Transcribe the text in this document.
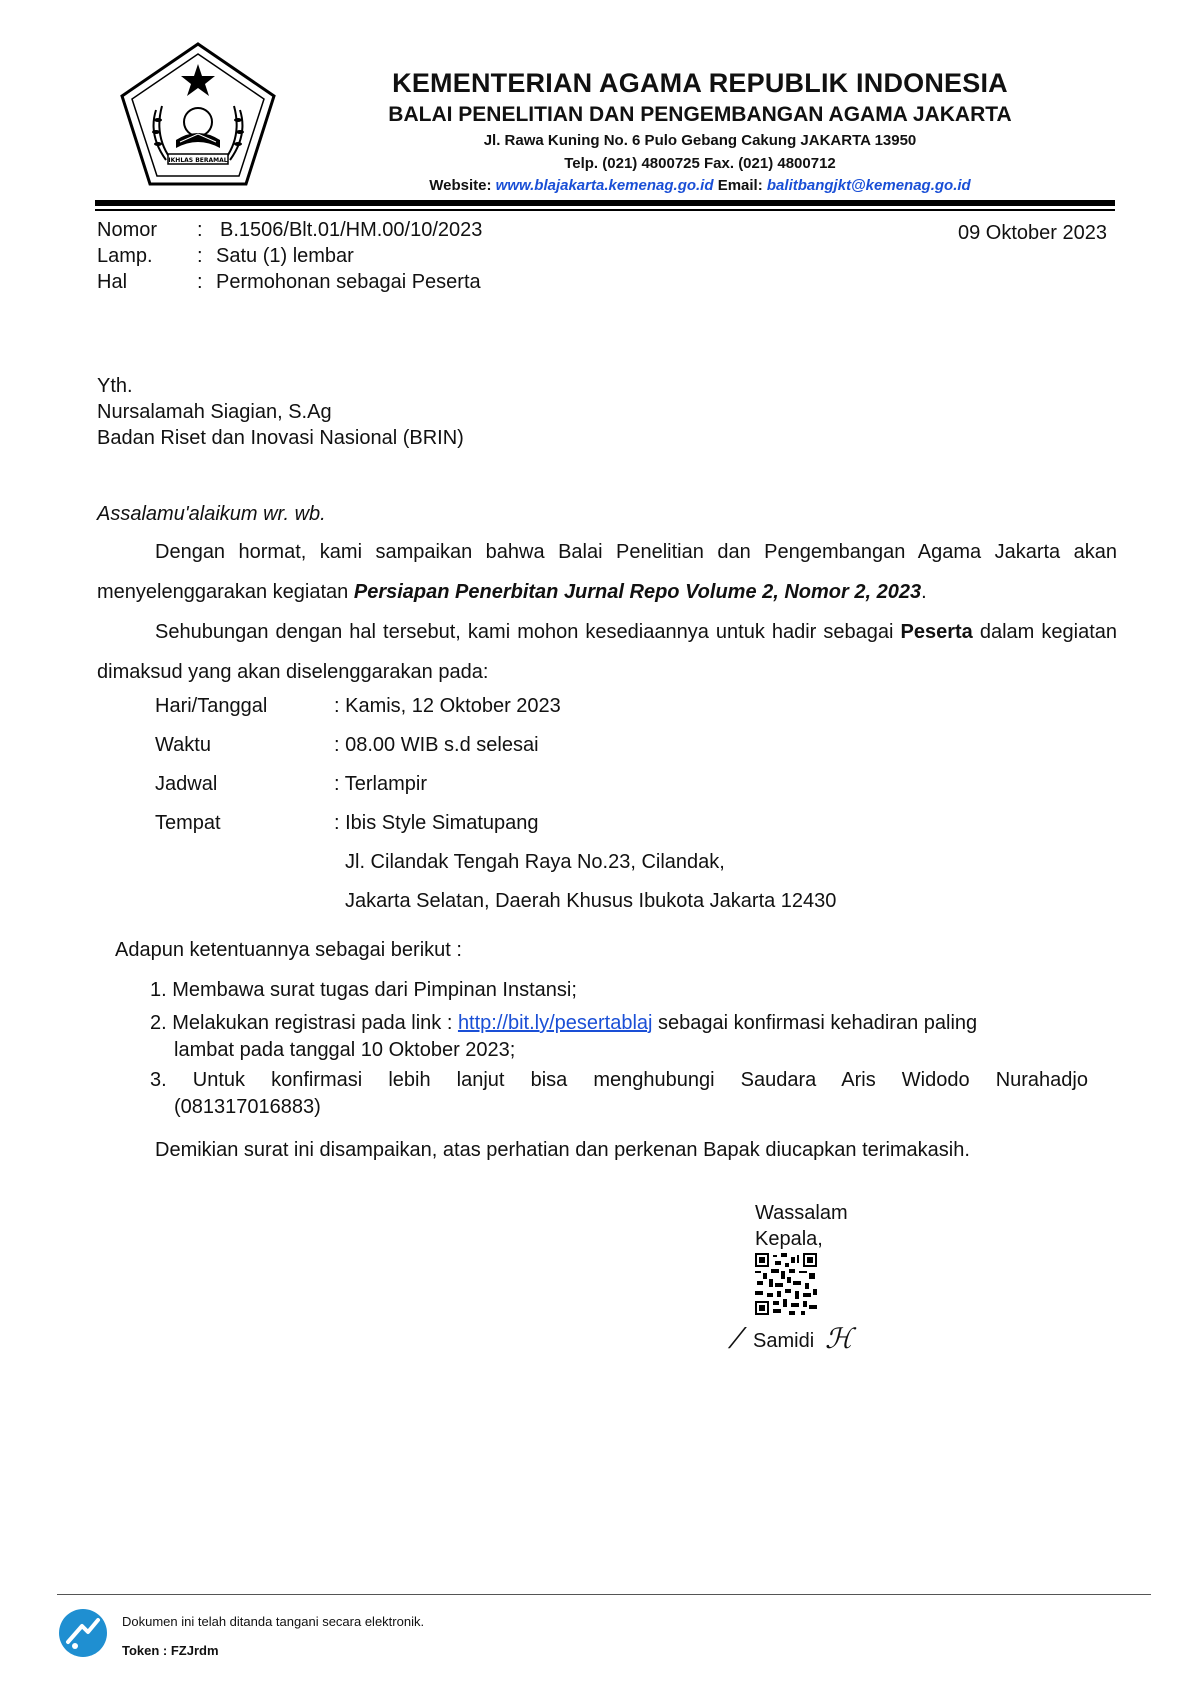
IKHLAS BERAMAL
KEMENTERIAN AGAMA REPUBLIK INDONESIA
BALAI PENELITIAN DAN PENGEMBANGAN AGAMA JAKARTA
Jl. Rawa Kuning No. 6 Pulo Gebang Cakung JAKARTA 13950
Telp. (021) 4800725 Fax. (021) 4800712
Website: www.blajakarta.kemenag.go.id Email: balitbangjkt@kemenag.go.id
Nomor : B.1506/Blt.01/HM.00/10/2023	09 Oktober 2023
Lamp. : Satu (1) lembar
Hal	: Permohonan sebagai Peserta
Yth.
Nursalamah Siagian, S.Ag
Badan Riset dan Inovasi Nasional (BRIN)
Assalamu'alaikum wr. wb.
Dengan hormat, kami sampaikan bahwa Balai Penelitian dan Pengembangan Agama Jakarta akan menyelenggarakan kegiatan Persiapan Penerbitan Jurnal Repo Volume 2, Nomor 2, 2023.
Sehubungan dengan hal tersebut, kami mohon kesediaannya untuk hadir sebagai Peserta dalam kegiatan dimaksud yang akan diselenggarakan pada:
Hari/Tanggal	: Kamis, 12 Oktober 2023
Waktu	: 08.00 WIB s.d selesai
Jadwal	: Terlampir
Tempat	: Ibis Style Simatupang
Jl. Cilandak Tengah Raya No.23, Cilandak,
Jakarta Selatan, Daerah Khusus Ibukota Jakarta 12430
Adapun ketentuannya sebagai berikut :
1. Membawa surat tugas dari Pimpinan Instansi;
2. Melakukan registrasi pada link : http://bit.ly/pesertablaj sebagai konfirmasi kehadiran paling
lambat pada tanggal 10 Oktober 2023;
3. Untuk konfirmasi lebih lanjut bisa menghubungi Saudara Aris Widodo Nurahadjo
(081317016883)
Demikian surat ini disampaikan, atas perhatian dan perkenan Bapak diucapkan terimakasih.
Wassalam
Kepala,
⁄ Samidi ℋ
Dokumen ini telah ditanda tangani secara elektronik.
Token : FZJrdm
